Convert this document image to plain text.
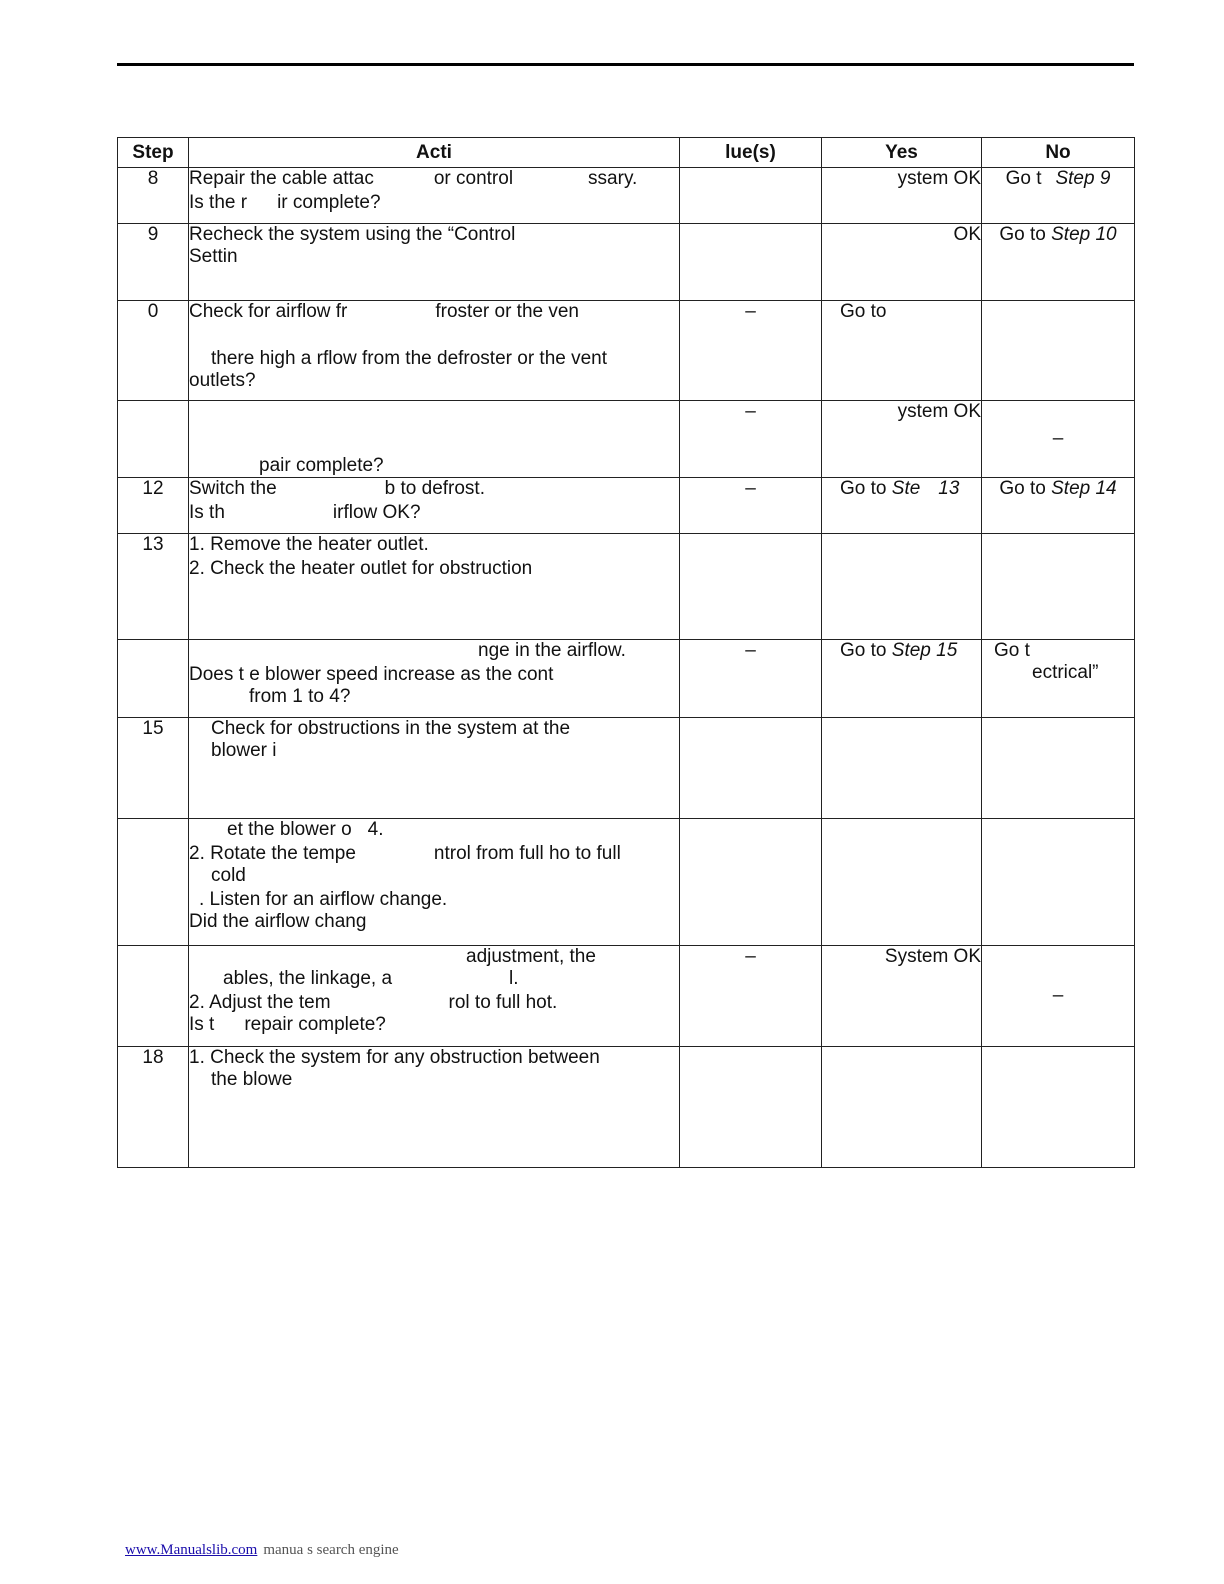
Step	Acti	lue(s)	Yes	No
8	Repair the cable attac or control ssary.
Is the r ir complete?		ystem OK	Go t Step 9
9	Recheck the system using the “Control
Settin		OK	Go to Step 10
0	Check for airflow fr froster or the ven
there high a rflow from the defroster or the vent
outlets?	–	Go to	

	pair complete?	–	ystem OK	–
12	Switch the b to defrost.
Is th irflow OK?	–	Go to Ste 13	Go to Step 14
13	1. Remove the heater outlet.
2. Check the heater outlet for obstruction			

	nge in the airflow.
Does t e blower speed increase as the cont
from 1 to 4?	–	Go to Step 15	Go t
ectrical”

15	Check for obstructions in the system at the
blower i			

	et the blower o 4.
2. Rotate the tempe ntrol from full ho to full
cold
. Listen for an airflow change.
Did the airflow chang			

	adjustment, the
ables, the linkage, a l.
2. Adjust the tem rol to full hot.
Is t repair complete?	–	System OK	–
18	1. Check the system for any obstruction between
the blowe			

www.Manualslib.com manua s search engine
